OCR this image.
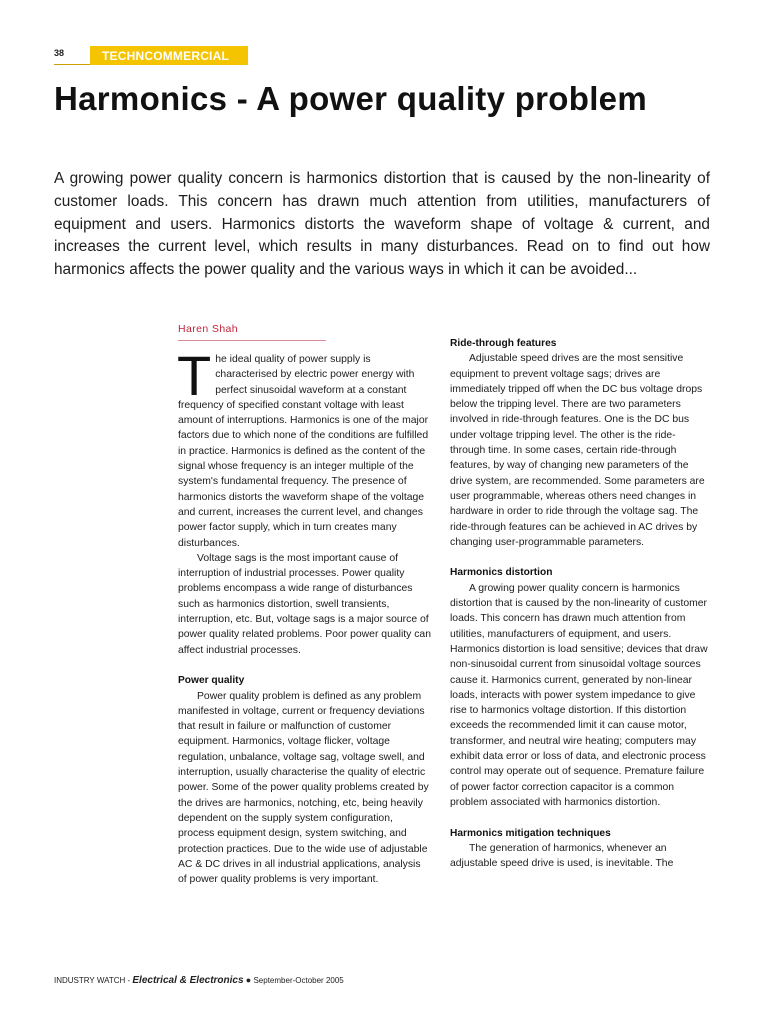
38	TECHNCOMMERCIAL
Harmonics - A power quality problem

A growing power quality concern is harmonics distortion that is caused by the non-linearity of customer loads. This concern has drawn much attention from utilities, manufacturers of equipment and users. Harmonics distorts the waveform shape of voltage & current, and increases the current level, which results in many disturbances. Read on to find out how harmonics affects the power quality and the various ways in which it can be avoided...

Haren Shah

The ideal quality of power supply is characterised by electric power energy with perfect sinusoidal waveform at a constant frequency of specified constant voltage with least amount of interruptions. Harmonics is one of the major factors due to which none of the conditions are fulfilled in practice. Harmonics is defined as the content of the signal whose frequency is an integer multiple of the system's fundamental frequency. The presence of harmonics distorts the waveform shape of the voltage and current, increases the current level, and changes power factor supply, which in turn creates many disturbances.

Voltage sags is the most important cause of interruption of industrial processes. Power quality problems encompass a wide range of disturbances such as harmonics distortion, swell transients, interruption, etc. But, voltage sags is a major source of power quality related problems. Poor power quality can affect industrial processes.

Power quality

Power quality problem is defined as any problem manifested in voltage, current or frequency deviations that result in failure or malfunction of customer equipment. Harmonics, voltage flicker, voltage regulation, unbalance, voltage sag, voltage swell, and interruption, usually characterise the quality of electric power. Some of the power quality problems created by the drives are harmonics, notching, etc, being heavily dependent on the supply system configuration, process equipment design, system switching, and protection practices. Due to the wide use of adjustable AC & DC drives in all industrial applications, analysis of power quality problems is very important.

Ride-through features

Adjustable speed drives are the most sensitive equipment to prevent voltage sags; drives are immediately tripped off when the DC bus voltage drops below the tripping level. There are two parameters involved in ride-through features. One is the DC bus under voltage tripping level. The other is the ride-through time. In some cases, certain ride-through features, by way of changing new parameters of the drive system, are recommended. Some parameters are user programmable, whereas others need changes in hardware in order to ride through the voltage sag. The ride-through features can be achieved in AC drives by changing user-programmable parameters.

Harmonics distortion

A growing power quality concern is harmonics distortion that is caused by the non-linearity of customer loads. This concern has drawn much attention from utilities, manufacturers of equipment, and users. Harmonics distortion is load sensitive; devices that draw non-sinusoidal current from sinusoidal voltage sources cause it. Harmonics current, generated by non-linear loads, interacts with power system impedance to give rise to harmonics voltage distortion. If this distortion exceeds the recommended limit it can cause motor, transformer, and neutral wire heating; computers may exhibit data error or loss of data, and electronic process control may operate out of sequence. Premature failure of power factor correction capacitor is a common problem associated with harmonics distortion.

Harmonics mitigation techniques

The generation of harmonics, whenever an adjustable speed drive is used, is inevitable. The

INDUSTRY WATCH - Electrical & Electronics ● September-October 2005
